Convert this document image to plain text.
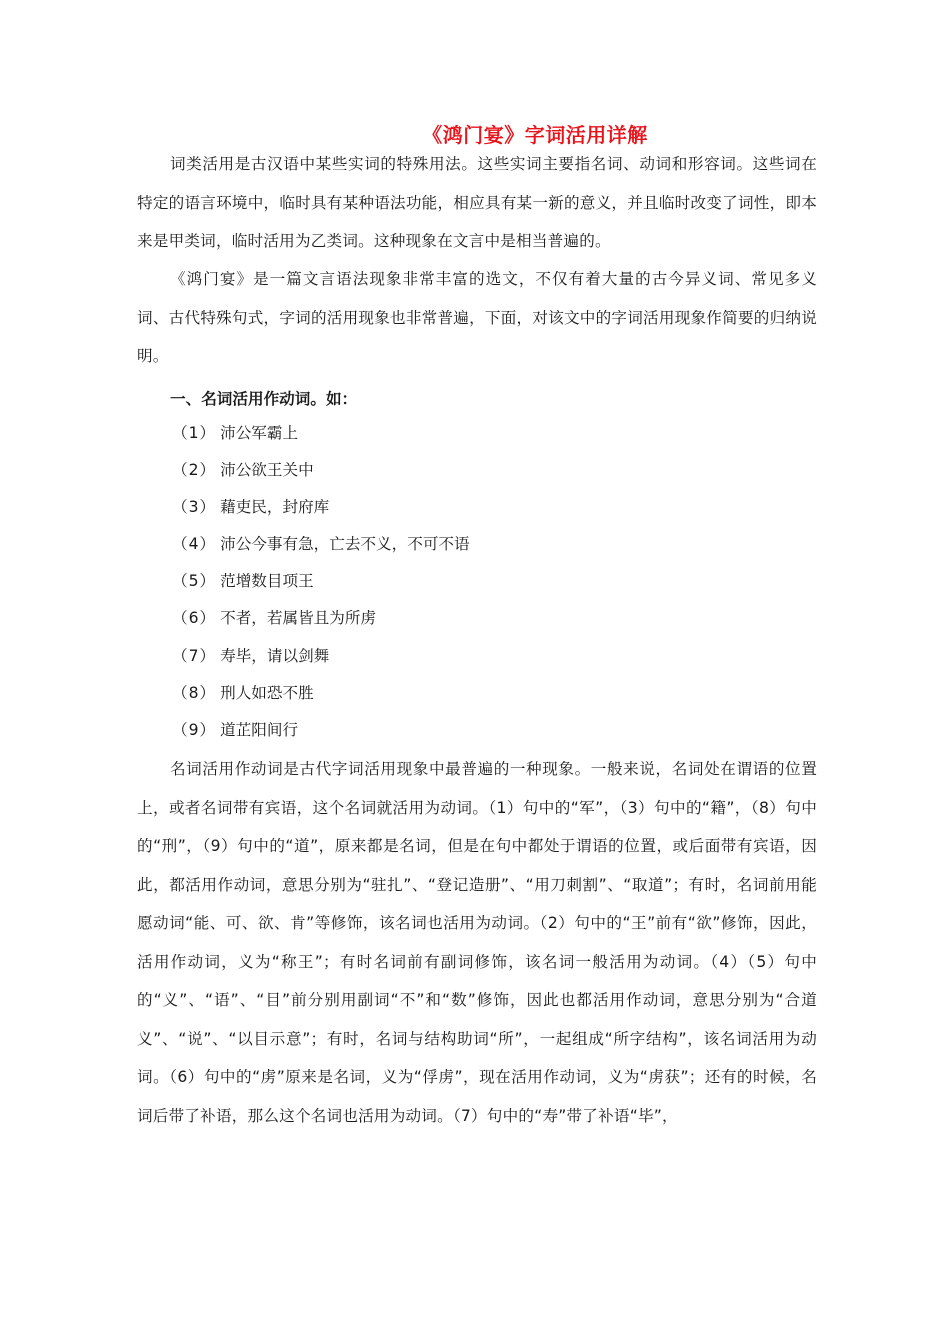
《鸿门宴》字词活用详解

词类活用是古汉语中某些实词的特殊用法。这些实词主要指名词、动词和形容词。这些词在特定的语言环境中，临时具有某种语法功能，相应具有某一新的意义，并且临时改变了词性，即本来是甲类词，临时活用为乙类词。这种现象在文言中是相当普遍的。

《鸿门宴》是一篇文言语法现象非常丰富的选文，不仅有着大量的古今异义词、常见多义词、古代特殊句式，字词的活用现象也非常普遍，下面，对该文中的字词活用现象作简要的归纳说明。

一、名词活用作动词。如：
（1） 沛公军霸上
（2） 沛公欲王关中
（3） 藉吏民，封府库
（4） 沛公今事有急，亡去不义，不可不语
（5） 范增数目项王
（6） 不者，若属皆且为所虏
（7） 寿毕，请以剑舞
（8） 刑人如恐不胜
（9） 道芷阳间行

名词活用作动词是古代字词活用现象中最普遍的一种现象。一般来说，名词处在谓语的位置上，或者名词带有宾语，这个名词就活用为动词。（1）句中的“军”，（3）句中的“籍”，（8）句中的“刑”，（9）句中的“道”，原来都是名词，但是在句中都处于谓语的位置，或后面带有宾语，因此，都活用作动词，意思分别为“驻扎”、“登记造册”、“用刀刺割”、“取道”；有时，名词前用能愿动词“能、可、欲、肯”等修饰，该名词也活用为动词。（2）句中的“王”前有“欲”修饰，因此，活用作动词，义为“称王”；有时名词前有副词修饰，该名词一般活用为动词。（4）（5）句中的“义”、“语”、“目”前分别用副词“不”和“数”修饰，因此也都活用作动词，意思分别为“合道义”、“说”、“以目示意”；有时，名词与结构助词“所”，一起组成“所字结构”，该名词活用为动词。（6）句中的“虏”原来是名词，义为“俘虏”，现在活用作动词，义为“虏获”；还有的时候，名词后带了补语，那么这个名词也活用为动词。（7）句中的“寿”带了补语“毕”，
